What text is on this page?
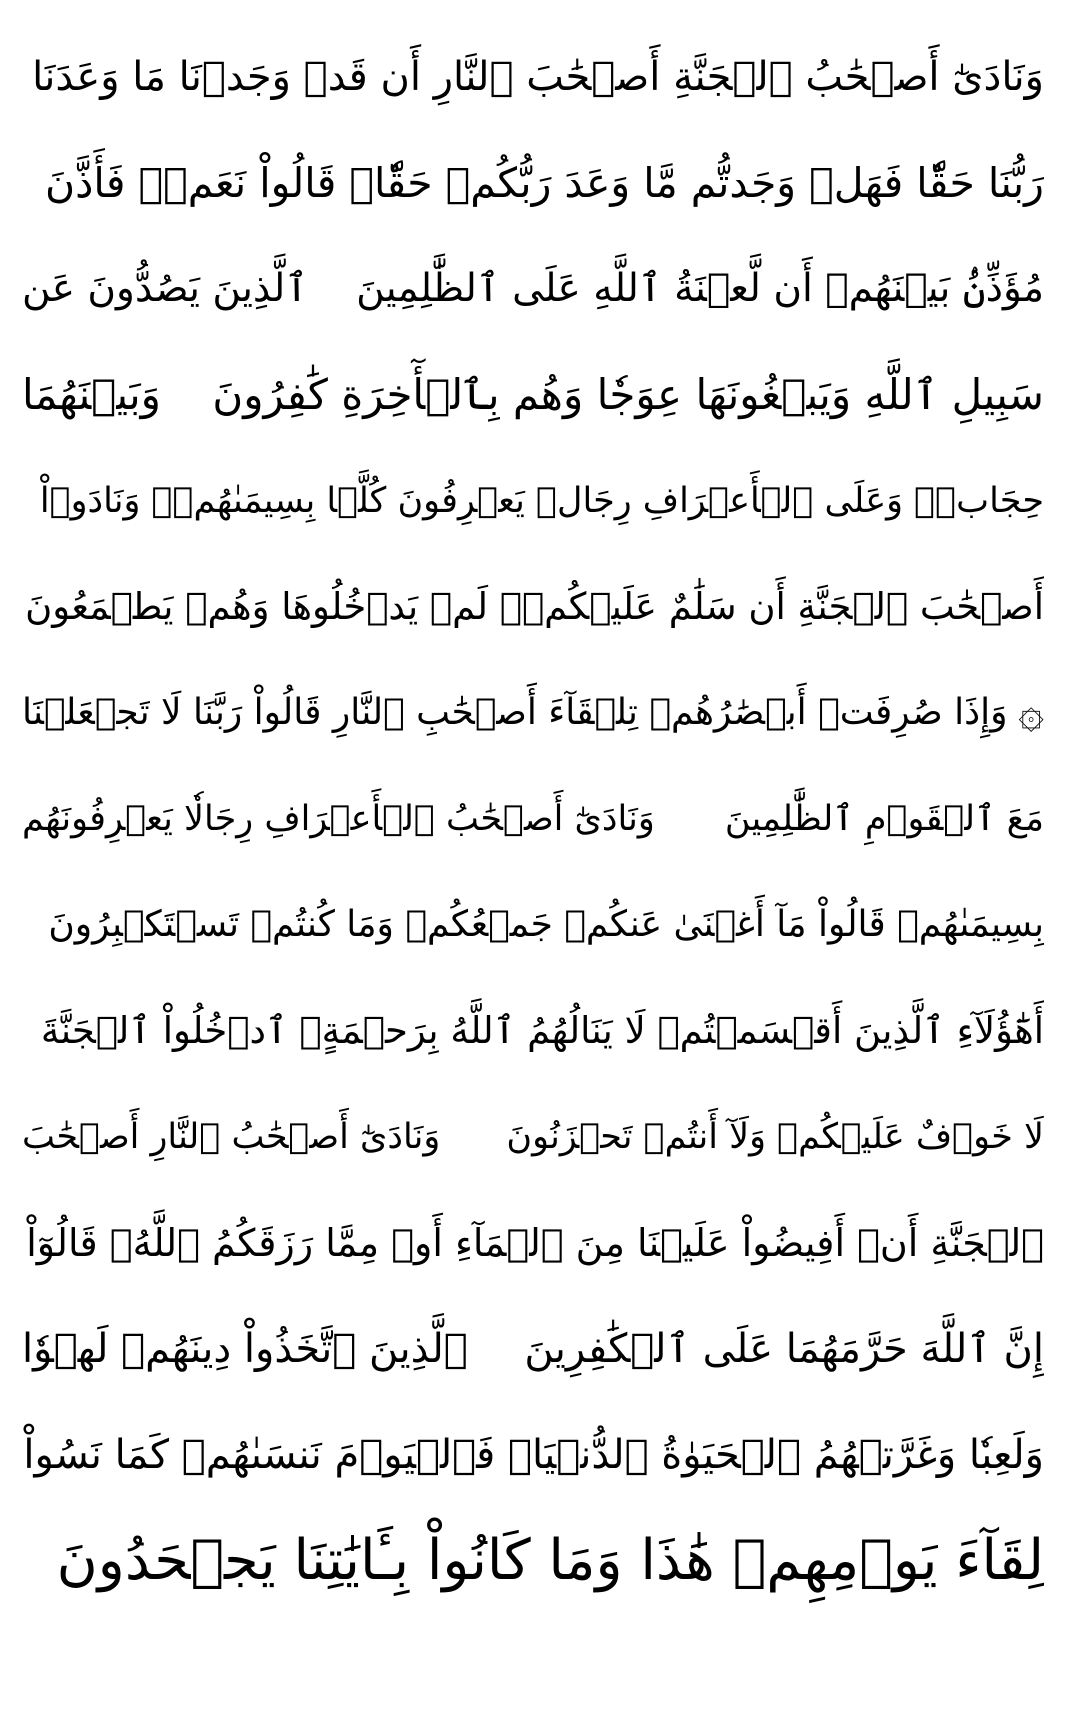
وَنَادَىٰٓ أَصۡحَٰبُ ٱلۡجَنَّةِ أَصۡحَٰبَ ٱلنَّارِ أَن قَدۡ وَجَدۡنَا مَا وَعَدَنَا
رَبُّنَا حَقّٗا فَهَلۡ وَجَدتُّم مَّا وَعَدَ رَبُّكُمۡ حَقّٗاۖ قَالُواْ نَعَمۡۚ فَأَذَّنَ
مُؤَذِّنُۢ بَيۡنَهُمۡ أَن لَّعۡنَةُ ٱللَّهِ عَلَى ٱلظَّٰلِمِينَ
ٱلَّذِينَ يَصُدُّونَ عَن
سَبِيلِ ٱللَّهِ وَيَبۡغُونَهَا عِوَجٗا وَهُم بِٱلۡأٓخِرَةِ كَٰفِرُونَ
وَبَيۡنَهُمَا
حِجَابٞۚ وَعَلَى ٱلۡأَعۡرَافِ رِجَالٞ يَعۡرِفُونَ كُلَّۢا بِسِيمَىٰهُمۡۚ وَنَادَوۡاْ
أَصۡحَٰبَ ٱلۡجَنَّةِ أَن سَلَٰمٌ عَلَيۡكُمۡۚ لَمۡ يَدۡخُلُوهَا وَهُمۡ يَطۡمَعُونَ
۞
وَإِذَا صُرِفَتۡ أَبۡصَٰرُهُمۡ تِلۡقَآءَ أَصۡحَٰبِ ٱلنَّارِ قَالُواْ رَبَّنَا لَا تَجۡعَلۡنَا
مَعَ ٱلۡقَوۡمِ ٱلظَّٰلِمِينَ
وَنَادَىٰٓ أَصۡحَٰبُ ٱلۡأَعۡرَافِ رِجَالٗا يَعۡرِفُونَهُم
بِسِيمَىٰهُمۡ قَالُواْ مَآ أَغۡنَىٰ عَنكُمۡ جَمۡعُكُمۡ وَمَا كُنتُمۡ تَسۡتَكۡبِرُونَ
أَهَٰٓؤُلَآءِ ٱلَّذِينَ أَقۡسَمۡتُمۡ لَا يَنَالُهُمُ ٱللَّهُ بِرَحۡمَةٍۚ ٱدۡخُلُواْ ٱلۡجَنَّةَ
لَا خَوۡفٌ عَلَيۡكُمۡ وَلَآ أَنتُمۡ تَحۡزَنُونَ
وَنَادَىٰٓ أَصۡحَٰبُ ٱلنَّارِ أَصۡحَٰبَ
ٱلۡجَنَّةِ أَنۡ أَفِيضُواْ عَلَيۡنَا مِنَ ٱلۡمَآءِ أَوۡ مِمَّا رَزَقَكُمُ ٱللَّهُۚ قَالُوٓاْ
إِنَّ ٱللَّهَ حَرَّمَهُمَا عَلَى ٱلۡكَٰفِرِينَ
ٱلَّذِينَ ٱتَّخَذُواْ دِينَهُمۡ لَهۡوٗا
وَلَعِبٗا وَغَرَّتۡهُمُ ٱلۡحَيَوٰةُ ٱلدُّنۡيَاۚ فَٱلۡيَوۡمَ نَنسَىٰهُمۡ كَمَا نَسُواْ
لِقَآءَ يَوۡمِهِمۡ هَٰذَا وَمَا كَانُواْ بِـَٔايَٰتِنَا يَجۡحَدُونَ
